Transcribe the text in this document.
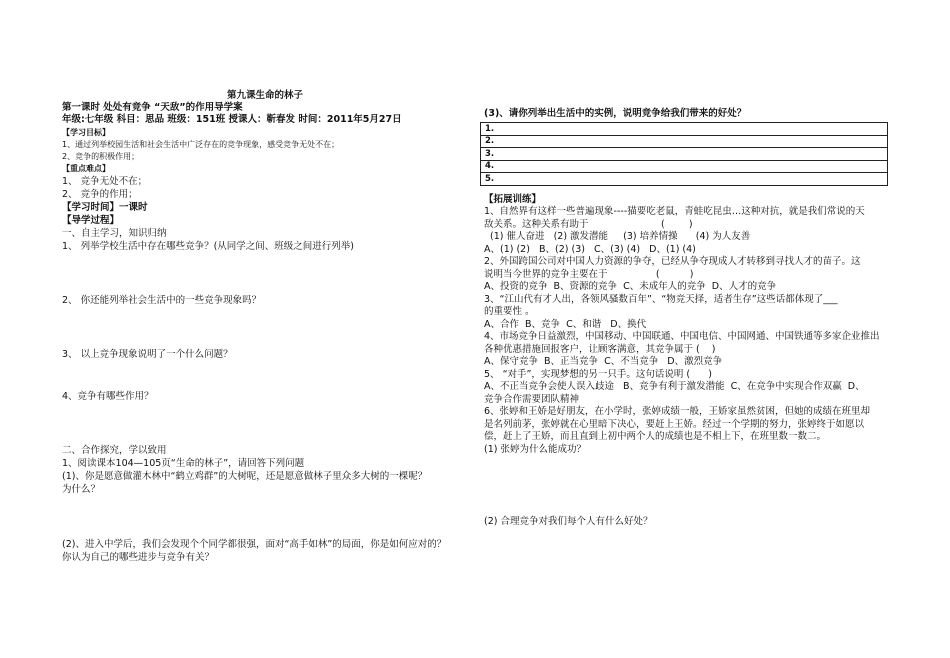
第九课生命的林子
第一课时 处处有竞争 “天敌”的作用导学案
年级:七年级 科目：思品 班级：151班 授课人：靳春发 时间：2011年5月27日
【学习目标】
1、通过列举校园生活和社会生活中广泛存在的竞争现象，感受竞争无处不在；
2、竞争的积极作用；
【重点难点】
1、 竞争无处不在；
2、 竞争的作用；
【学习时间】一课时
【导学过程】
一、自主学习，知识归纳
1、 列举学校生活中存在哪些竞争？(从同学之间、班级之间进行列举)
2、 你还能列举社会生活中的一些竞争现象吗？
3、 以上竞争现象说明了一个什么问题？
4、竞争有哪些作用？
二、合作探究，学以致用
1、阅读课本104—105页“生命的林子”，请回答下列问题
(1)、你是愿意做灌木林中“鹤立鸡群”的大树呢，还是愿意做林子里众多大树的一棵呢？
为什么？
(2)、进入中学后，我们会发现个个同学都很强，面对“高手如林”的局面，你是如何应对的？
你认为自己的哪些进步与竞争有关？
(3)、请你列举出生活中的实例，说明竞争给我们带来的好处？
1.
2.
3.
4.
5.
【拓展训练】

1、自然界有这样一些普遍现象----猫要吃老鼠，青蛙吃昆虫…这种对抗，就是我们常说的天

敌关系。这种关系有助于                        (        )

(1) 催人奋进   (2) 激发潜能     (3) 培养情操      (4) 为人友善

A、(1) (2)   B、(2) (3)   C、(3) (4)   D、(1) (4)

2、外国跨国公司对中国人力资源的争夺，已经从争夺现成人才转移到寻找人才的苗子。这

说明当今世界的竞争主要在于                (          )

A、投资的竞争  B、资源的竞争  C、未成年人的竞争  D、人才的竞争

3、“江山代有才人出，各领风骚数百年”、“物竞天择，适者生存”这些话都体现了___

的重要性 。

A、合作  B、竞争  C、和谐   D、换代

4、市场竞争日益激烈，中国移动、中国联通、中国电信、中国网通、中国铁通等多家企业推出

各种优惠措施回报客户，让顾客满意，其竞争属于 (    )

A、保守竞争  B、正当竞争  C、不当竞争   D、激烈竞争

5、 “对手”，实现梦想的另一只手。这句话说明 (      )

A、不正当竞争会使人误入歧途   B、竞争有利于激发潜能  C、在竞争中实现合作双赢  D、

竞争合作需要团队精神

6、张婷和王娇是好朋友，在小学时，张婷成绩一般，王娇家虽然贫困，但她的成绩在班里却

是名列前茅，张婷就在心里暗下决心，要赶上王娇。经过一个学期的努力，张婷终于如愿以

偿，赶上了王娇，而且直到上初中两个人的成绩也是不相上下，在班里数一数二。

(1) 张婷为什么能成功？

(2) 合理竞争对我们每个人有什么好处？
